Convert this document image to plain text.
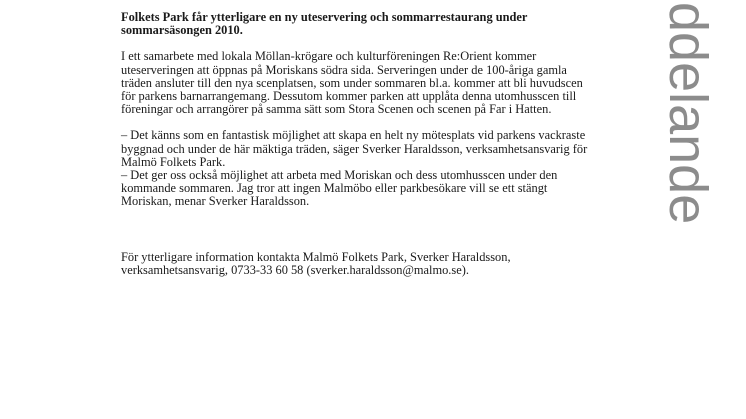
Folkets Park får ytterligare en ny uteservering och sommarrestaurang under sommarsäsongen 2010.

I ett samarbete med lokala Möllan-krögare och kulturföreningen Re:Orient kommer uteserveringen att öppnas på Moriskans södra sida. Serveringen under de 100-åriga gamla träden ansluter till den nya scenplatsen, som under sommaren bl.a. kommer att bli huvudscen för parkens barnarrangemang. Dessutom kommer parken att upplåta denna utomhusscen till föreningar och arrangörer på samma sätt som Stora Scenen och scenen på Far i Hatten.

– Det känns som en fantastisk möjlighet att skapa en helt ny mötesplats vid parkens vackraste byggnad och under de här mäktiga träden, säger Sverker Haraldsson, verksamhetsansvarig för Malmö Folkets Park.

– Det ger oss också möjlighet att arbeta med Moriskan och dess utomhusscen under den kommande sommaren. Jag tror att ingen Malmöbo eller parkbesökare vill se ett stängt Moriskan, menar Sverker Haraldsson.

För ytterligare information kontakta Malmö Folkets Park, Sverker Haraldsson, verksamhetsansvarig, 0733-33 60 58 (sverker.haraldsson@malmo.se).

ddelande
